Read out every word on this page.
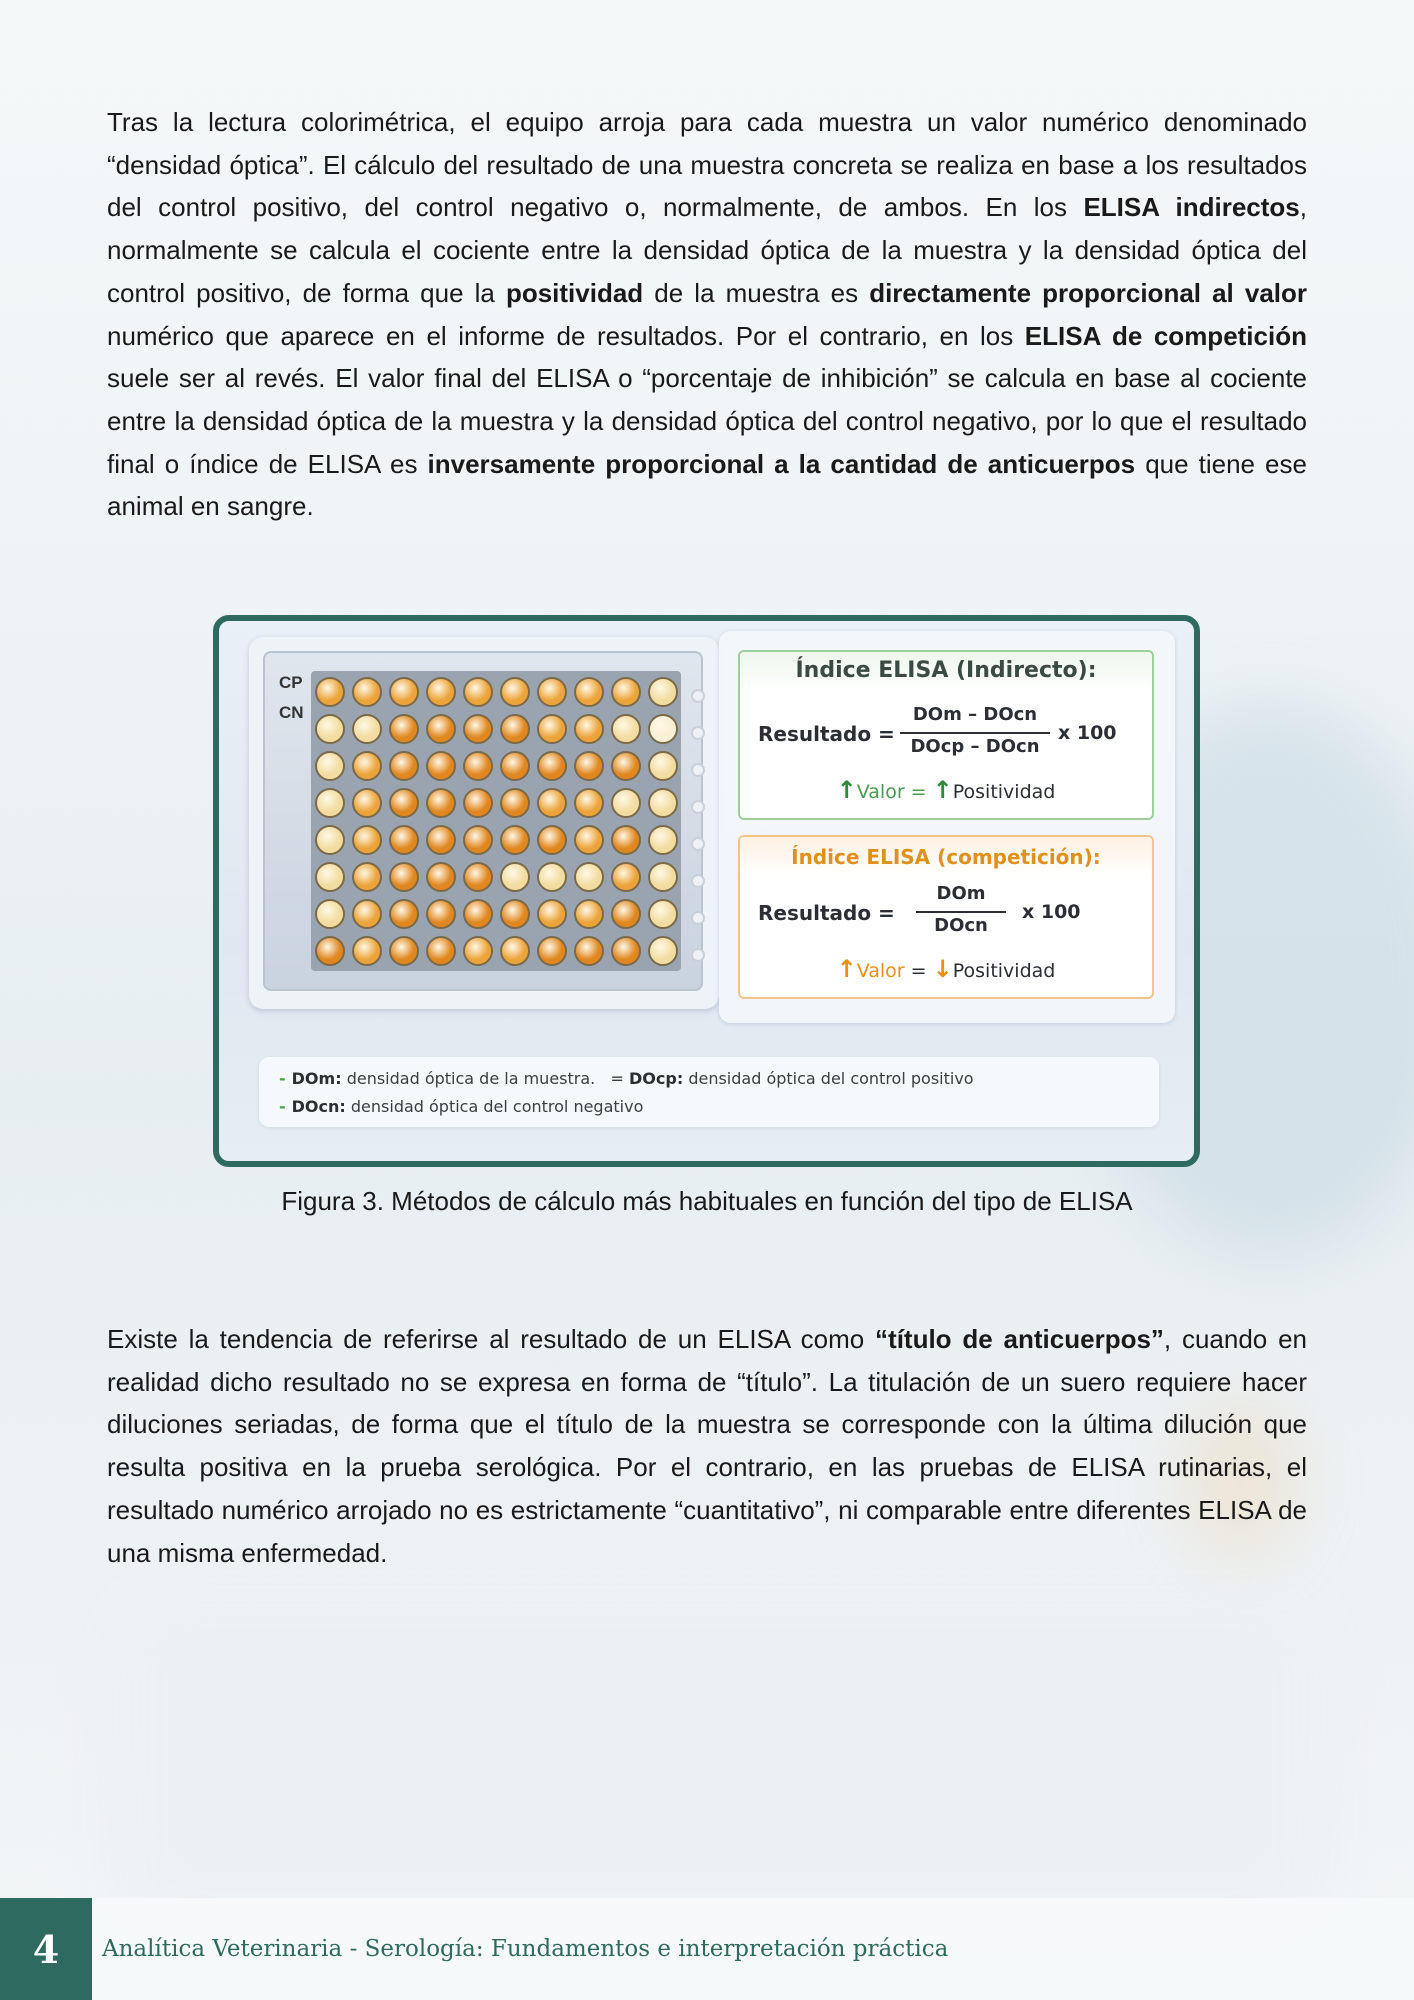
Tras la lectura colorimétrica, el equipo arroja para cada muestra un valor numérico denominado “densidad óptica”. El cálculo del resultado de una muestra concreta se realiza en base a los resultados del control positivo, del control negativo o, normalmente, de ambos. En los ELISA indirectos, normalmente se calcula el cociente entre la densidad óptica de la muestra y la densidad óptica del control positivo, de forma que la positividad de la muestra es directamente proporcional al valor numérico que aparece en el informe de resultados. Por el contrario, en los ELISA de competición suele ser al revés. El valor final del ELISA o “porcentaje de inhibición” se calcula en base al cociente entre la densidad óptica de la muestra y la densidad óptica del control negativo, por lo que el resultado final o índice de ELISA es inversamente proporcional a la cantidad de anticuerpos que tiene ese animal en sangre.
CP
CN
Índice ELISA (Indirecto):
Resultado =
DOm – DOcn
DOcp – DOcn
x 100
↑Valor = ↑Positividad
Índice ELISA (competición):
Resultado =
DOm
DOcn
x 100
↑Valor = ↓Positividad
- DOm: densidad óptica de la muestra. = DOcp: densidad óptica del control positivo
- DOcn: densidad óptica del control negativo
Figura 3. Métodos de cálculo más habituales en función del tipo de ELISA
Existe la tendencia de referirse al resultado de un ELISA como “título de anticuerpos”, cuando en realidad dicho resultado no se expresa en forma de “título”. La titulación de un suero requiere hacer diluciones seriadas, de forma que el título de la muestra se corresponde con la última dilución que resulta positiva en la prueba serológica. Por el contrario, en las pruebas de ELISA rutinarias, el resultado numérico arrojado no es estrictamente “cuantitativo”, ni comparable entre diferentes ELISA de una misma enfermedad.
4	Analítica Veterinaria - Serología: Fundamentos e interpretación práctica
